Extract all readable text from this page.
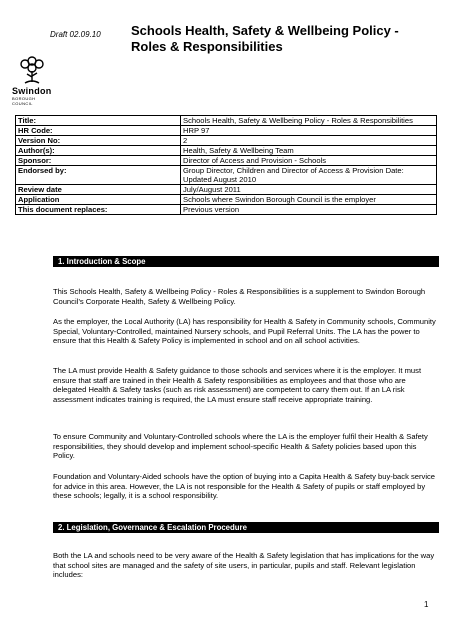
Draft 02.09.10 Schools Health, Safety & Wellbeing Policy - Roles & Responsibilities
Swindon
BOROUGH COUNCIL
Title:	Schools Health, Safety & Wellbeing Policy - Roles & Responsibilities
HR Code:	HRP 97
Version No:	2
Author(s):	Health, Safety & Wellbeing Team
Sponsor:	Director of Access and Provision - Schools
Endorsed by:	Group Director, Children and Director of Access & Provision Date: Updated August 2010
Review date	July/August 2011
Application	Schools where Swindon Borough Council is the employer
This document replaces:	Previous version
1. Introduction & Scope

This Schools Health, Safety & Wellbeing Policy - Roles & Responsibilities is a supplement to Swindon Borough Council’s Corporate Health, Safety & Wellbeing Policy.

As the employer, the Local Authority (LA) has responsibility for Health & Safety in Community schools, Community Special, Voluntary-Controlled, maintained Nursery schools, and Pupil Referral Units. The LA has the power to ensure that this Health & Safety Policy is implemented in school and on all school activities.

The LA must provide Health & Safety guidance to those schools and services where it is the employer. It must ensure that staff are trained in their Health & Safety responsibilities as employees and that those who are delegated Health & Safety tasks (such as risk assessment) are competent to carry them out. If an LA risk assessment indicates training is required, the LA must ensure staff receive appropriate training.

To ensure Community and Voluntary-Controlled schools where the LA is the employer fulfil their Health & Safety responsibilities, they should develop and implement school-specific Health & Safety policies based upon this Policy.

Foundation and Voluntary-Aided schools have the option of buying into a Capita Health & Safety buy-back service for advice in this area. However, the LA is not responsible for the Health & Safety of pupils or staff employed by these schools; legally, it is a school responsibility.

2. Legislation, Governance & Escalation Procedure

Both the LA and schools need to be very aware of the Health & Safety legislation that has implications for the way that school sites are managed and the safety of site users, in particular, pupils and staff. Relevant legislation includes:

1
